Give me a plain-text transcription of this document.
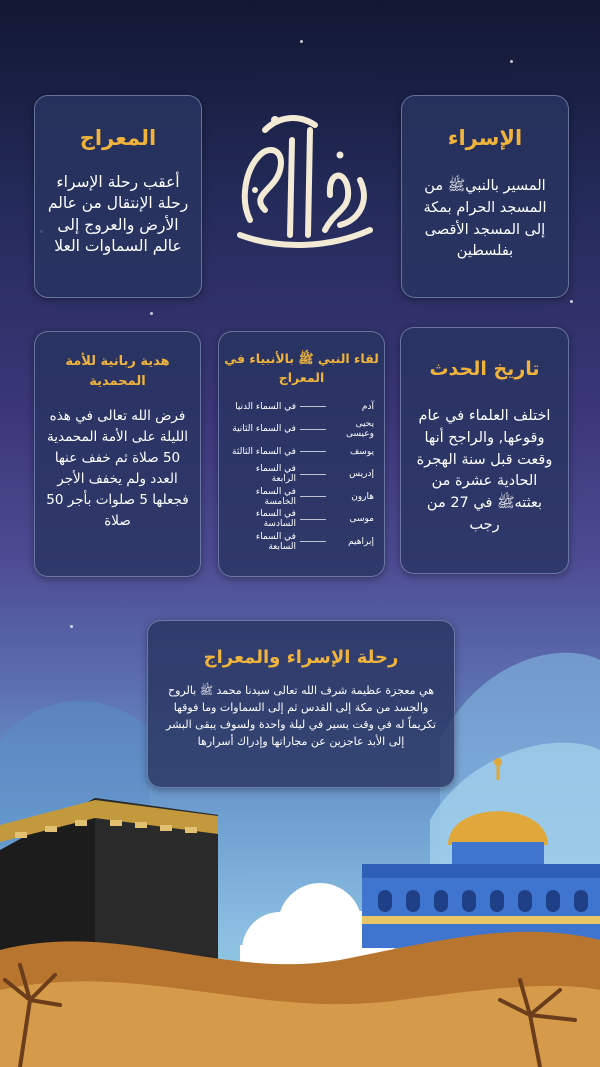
الإسراء

المسير بالنبيﷺ من المسجد الحرام بمكة إلى المسجد الأقصى بفلسطين

المعراج

أعقب رحلة الإسراء رحلة الإنتقال من عالم الأرض والعروج إلى عالم السماوات العلا

تاريخ الحدث

اختلف العلماء في عام وقوعها, والراجح أنها وقعت قبل سنة الهجرة الحادية عشرة من بعثتهﷺ في 27 من رجب

لقاء النبي ﷺ بالأنبياء في المعراج
آدم
في السماء الدنيا
يحيى وعيسى
في السماء الثانية
يوسف
في السماء الثالثة
إدريس
في السماء الرابعة
هارون
في السماء الخامسة
موسى
في السماء السادسة
إبراهيم
في السماء السابعة
هدية ربانية للأمة المحمدية

فرض الله تعالى في هذه الليلة على الأمة المحمدية 50 صلاة ثم خفف عنها العدد ولم يخفف الأجر فجعلها 5 صلوات بأجر 50 صلاة

رحلة الإسراء والمعراج

هي معجزة عظيمة شرف الله تعالى سيدنا محمد ﷺ بالروح والجسد من مكة إلى القدس ثم إلى السماوات وما فوقها تكريماً له في وقت يسير في ليلة واحدة ولسوف يبقى البشر إلى الأبد عاجزين عن مجاراتها وإدراك أسرارها
